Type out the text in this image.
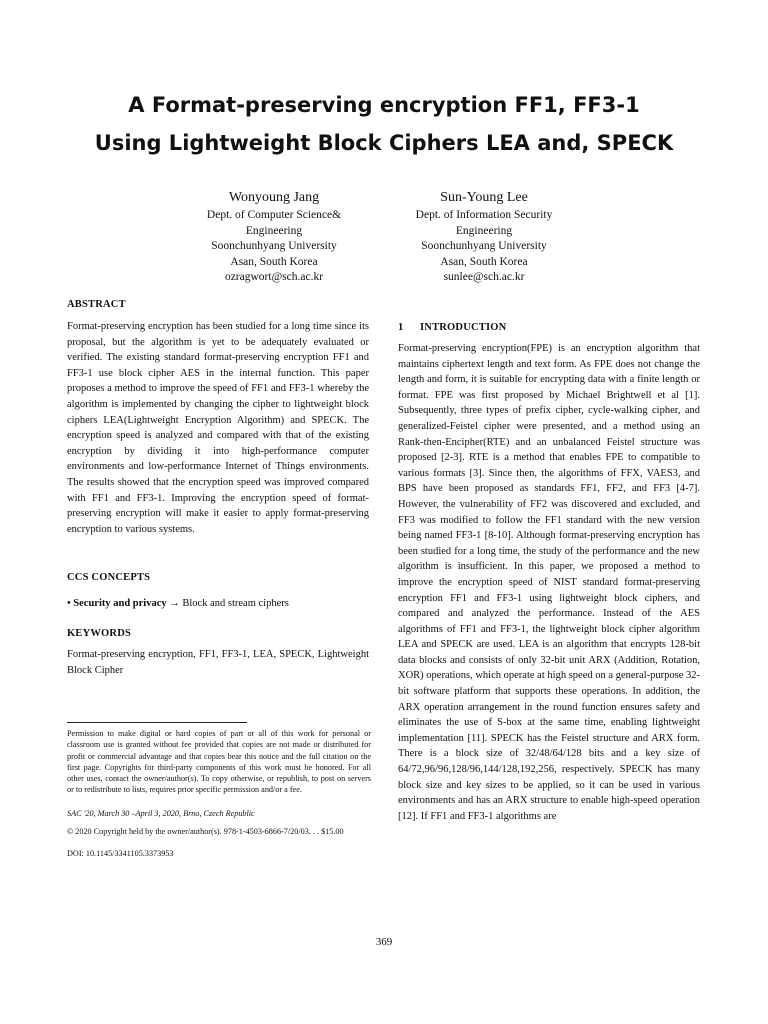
A Format-preserving encryption FF1, FF3-1
Using Lightweight Block Ciphers LEA and, SPECK
Wonyoung Jang
Dept. of Computer Science&
Engineering
Soonchunhyang University
Asan, South Korea
ozragwort@sch.ac.kr
Sun-Young Lee
Dept. of Information Security
Engineering
Soonchunhyang University
Asan, South Korea
sunlee@sch.ac.kr
ABSTRACT

Format-preserving encryption has been studied for a long time since its proposal, but the algorithm is yet to be adequately evaluated or verified. The existing standard format-preserving encryption FF1 and FF3-1 use block cipher AES in the internal function. This paper proposes a method to improve the speed of FF1 and FF3-1 whereby the algorithm is implemented by changing the cipher to lightweight block ciphers LEA(Lightweight Encryption Algorithm) and SPECK. The encryption speed is analyzed and compared with that of the existing encryption by dividing it into high-performance computer environments and low-performance Internet of Things environments. The results showed that the encryption speed was improved compared with FF1 and FF3-1. Improving the encryption speed of format-preserving encryption will make it easier to apply format-preserving encryption to various systems.

CCS CONCEPTS

• Security and privacy → Block and stream ciphers

KEYWORDS

Format-preserving encryption, FF1, FF3-1, LEA, SPECK, Lightweight Block Cipher

Permission to make digital or hard copies of part or all of this work for personal or classroom use is granted without fee provided that copies are not made or distributed for profit or commercial advantage and that copies bear this notice and the full citation on the first page. Copyrights for third-party components of this work must be honored. For all other uses, contact the owner/author(s). To copy otherwise, or republish, to post on servers or to redistribute to lists, requires prior specific permission and/or a fee.

SAC '20, March 30 –April 3, 2020, Brno, Czech Republic

© 2020 Copyright held by the owner/author(s). 978-1-4503-6866-7/20/03. . . $15.00

DOI: 10.1145/3341105.3373953

1 INTRODUCTION

Format-preserving encryption(FPE) is an encryption algorithm that maintains ciphertext length and text form. As FPE does not change the length and form, it is suitable for encrypting data with a finite length or format. FPE was first proposed by Michael Brightwell et al [1]. Subsequently, three types of prefix cipher, cycle-walking cipher, and generalized-Feistel cipher were presented, and a method using an Rank-then-Encipher(RTE) and an unbalanced Feistel structure was proposed [2-3]. RTE is a method that enables FPE to compatible to various formats [3]. Since then, the algorithms of FFX, VAES3, and BPS have been proposed as standards FF1, FF2, and FF3 [4-7]. However, the vulnerability of FF2 was discovered and excluded, and FF3 was modified to follow the FF1 standard with the new version being named FF3-1 [8-10]. Although format-preserving encryption has been studied for a long time, the study of the performance and the new algorithm is insufficient. In this paper, we proposed a method to improve the encryption speed of NIST standard format-preserving encryption FF1 and FF3-1 using lightweight block ciphers, and compared and analyzed the performance. Instead of the AES algorithms of FF1 and FF3-1, the lightweight block cipher algorithm LEA and SPECK are used. LEA is an algorithm that encrypts 128-bit data blocks and consists of only 32-bit unit ARX (Addition, Rotation, XOR) operations, which operate at high speed on a general-purpose 32-bit software platform that supports these operations. In addition, the ARX operation arrangement in the round function ensures safety and eliminates the use of S-box at the same time, enabling lightweight implementation [11]. SPECK has the Feistel structure and ARX form. There is a block size of 32/48/64/128 bits and a key size of 64/72,96/96,128/96,144/128,192,256, respectively. SPECK has many block size and key sizes to be applied, so it can be used in various environments and has an ARX structure to enable high-speed operation [12]. If FF1 and FF3-1 algorithms are

369
